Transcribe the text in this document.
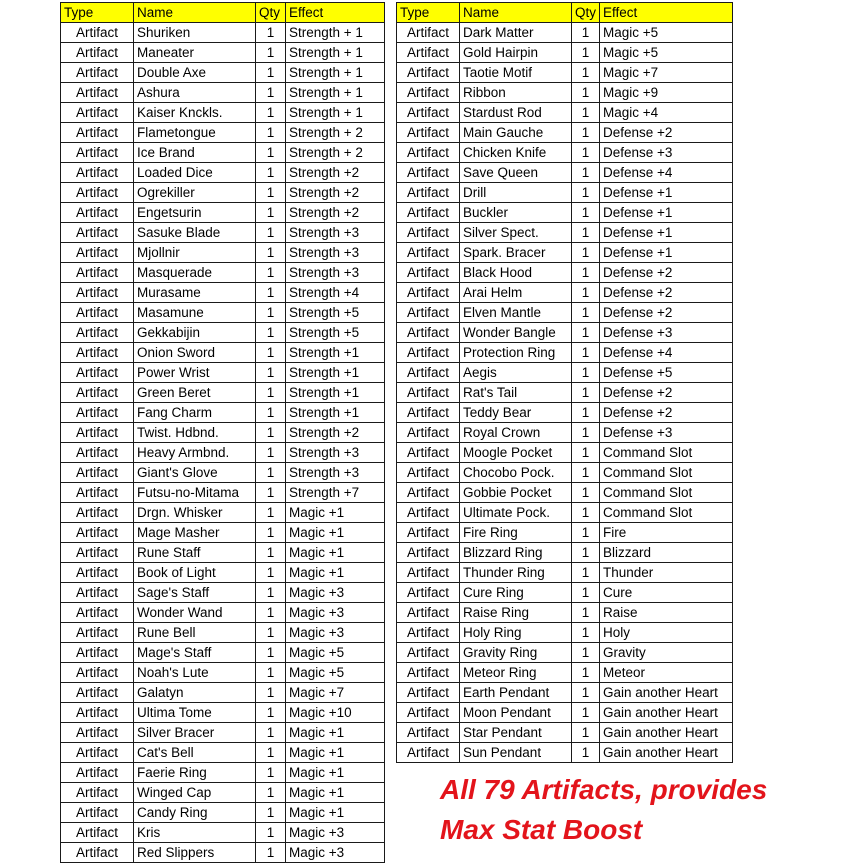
Type	Name	Qty	Effect
Artifact	Shuriken	1	Strength + 1
Artifact	Maneater	1	Strength + 1
Artifact	Double Axe	1	Strength + 1
Artifact	Ashura	1	Strength + 1
Artifact	Kaiser Knckls.	1	Strength + 1
Artifact	Flametongue	1	Strength + 2
Artifact	Ice Brand	1	Strength + 2
Artifact	Loaded Dice	1	Strength +2
Artifact	Ogrekiller	1	Strength +2
Artifact	Engetsurin	1	Strength +2
Artifact	Sasuke Blade	1	Strength +3
Artifact	Mjollnir	1	Strength +3
Artifact	Masquerade	1	Strength +3
Artifact	Murasame	1	Strength +4
Artifact	Masamune	1	Strength +5
Artifact	Gekkabijin	1	Strength +5
Artifact	Onion Sword	1	Strength +1
Artifact	Power Wrist	1	Strength +1
Artifact	Green Beret	1	Strength +1
Artifact	Fang Charm	1	Strength +1
Artifact	Twist. Hdbnd.	1	Strength +2
Artifact	Heavy Armbnd.	1	Strength +3
Artifact	Giant's Glove	1	Strength +3
Artifact	Futsu-no-Mitama	1	Strength +7
Artifact	Drgn. Whisker	1	Magic +1
Artifact	Mage Masher	1	Magic +1
Artifact	Rune Staff	1	Magic +1
Artifact	Book of Light	1	Magic +1
Artifact	Sage's Staff	1	Magic +3
Artifact	Wonder Wand	1	Magic +3
Artifact	Rune Bell	1	Magic +3
Artifact	Mage's Staff	1	Magic +5
Artifact	Noah's Lute	1	Magic +5
Artifact	Galatyn	1	Magic +7
Artifact	Ultima Tome	1	Magic +10
Artifact	Silver Bracer	1	Magic +1
Artifact	Cat's Bell	1	Magic +1
Artifact	Faerie Ring	1	Magic +1
Artifact	Winged Cap	1	Magic +1
Artifact	Candy Ring	1	Magic +1
Artifact	Kris	1	Magic +3
Artifact	Red Slippers	1	Magic +3
Type	Name	Qty	Effect
Artifact	Dark Matter	1	Magic +5
Artifact	Gold Hairpin	1	Magic +5
Artifact	Taotie Motif	1	Magic +7
Artifact	Ribbon	1	Magic +9
Artifact	Stardust Rod	1	Magic +4
Artifact	Main Gauche	1	Defense +2
Artifact	Chicken Knife	1	Defense +3
Artifact	Save Queen	1	Defense +4
Artifact	Drill	1	Defense +1
Artifact	Buckler	1	Defense +1
Artifact	Silver Spect.	1	Defense +1
Artifact	Spark. Bracer	1	Defense +1
Artifact	Black Hood	1	Defense +2
Artifact	Arai Helm	1	Defense +2
Artifact	Elven Mantle	1	Defense +2
Artifact	Wonder Bangle	1	Defense +3
Artifact	Protection Ring	1	Defense +4
Artifact	Aegis	1	Defense +5
Artifact	Rat's Tail	1	Defense +2
Artifact	Teddy Bear	1	Defense +2
Artifact	Royal Crown	1	Defense +3
Artifact	Moogle Pocket	1	Command Slot
Artifact	Chocobo Pock.	1	Command Slot
Artifact	Gobbie Pocket	1	Command Slot
Artifact	Ultimate Pock.	1	Command Slot
Artifact	Fire Ring	1	Fire
Artifact	Blizzard Ring	1	Blizzard
Artifact	Thunder Ring	1	Thunder
Artifact	Cure Ring	1	Cure
Artifact	Raise Ring	1	Raise
Artifact	Holy Ring	1	Holy
Artifact	Gravity Ring	1	Gravity
Artifact	Meteor Ring	1	Meteor
Artifact	Earth Pendant	1	Gain another Heart
Artifact	Moon Pendant	1	Gain another Heart
Artifact	Star Pendant	1	Gain another Heart
Artifact	Sun Pendant	1	Gain another Heart
All 79 Artifacts, provides
Max Stat Boost
